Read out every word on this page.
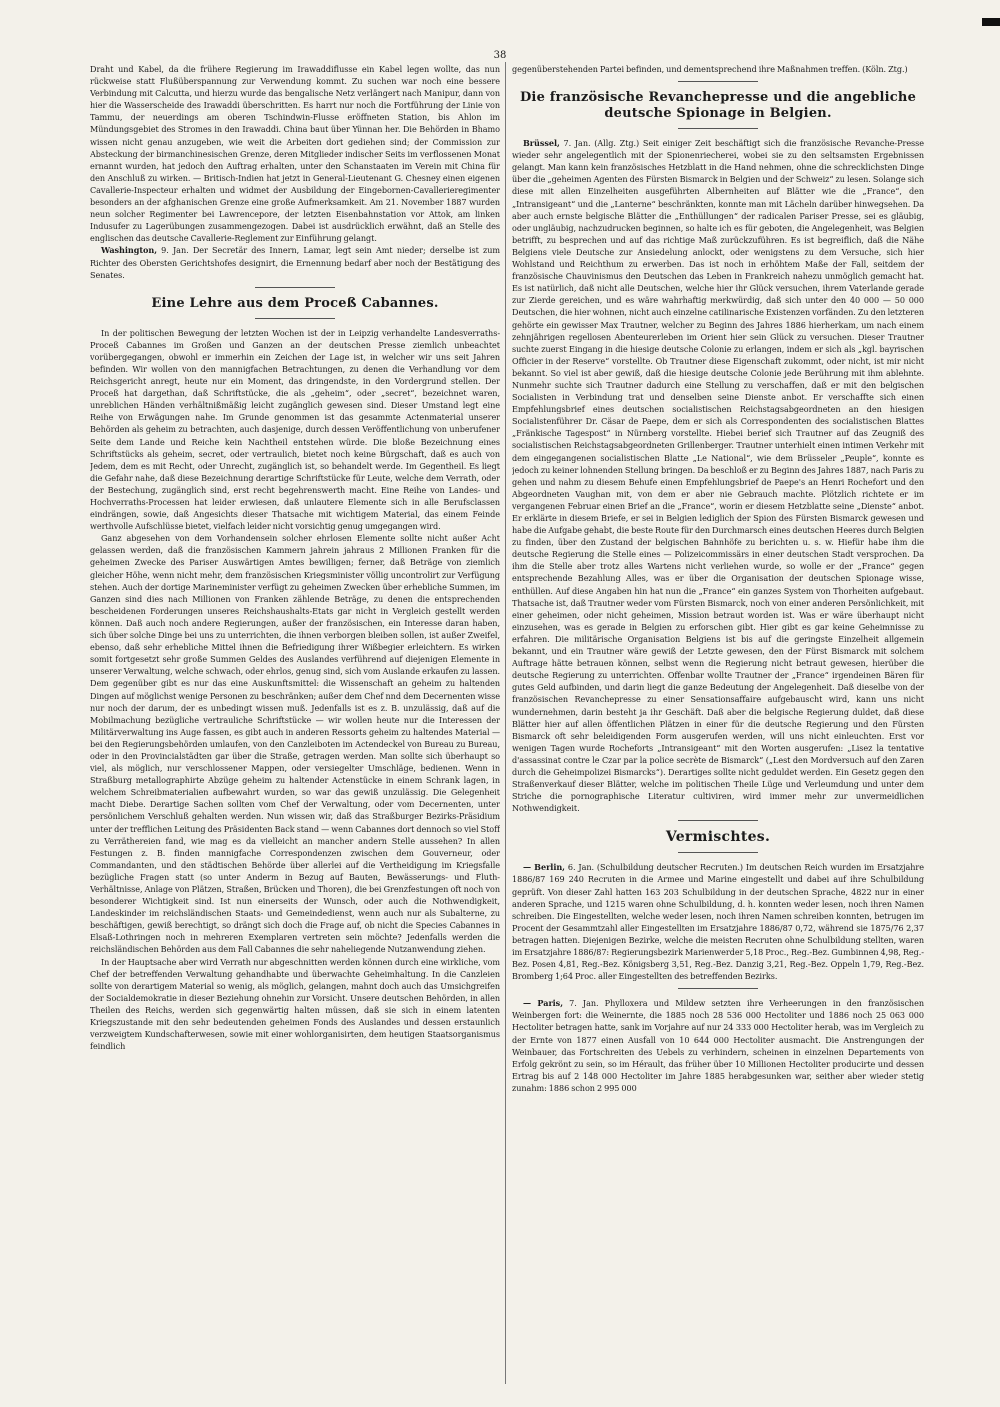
38

Draht und Kabel, da die frühere Regierung im Irawaddiflusse ein Kabel legen wollte, das nun rückweise statt Flußüberspannung zur Verwendung kommt. Zu suchen war noch eine bessere Verbindung mit Calcutta, und hierzu wurde das bengalische Netz verlängert nach Manipur, dann von hier die Wasserscheide des Irawaddi überschritten. Es harrt nur noch die Fortführung der Linie von Tammu, der neuerdings am oberen Tschindwin-Flusse eröffneten Station, bis Ahlon im Mündungsgebiet des Stromes in den Irawaddi. China baut über Yünnan her. Die Behörden in Bhamo wissen nicht genau anzugeben, wie weit die Arbeiten dort gediehen sind; der Commission zur Absteckung der birmanchinesischen Grenze, deren Mitglieder indischer Seits im verflossenen Monat ernannt wurden, hat jedoch den Auftrag erhalten, unter den Schanstaaten im Verein mit China für den Anschluß zu wirken. — Britisch-Indien hat jetzt in General-Lieutenant G. Chesney einen eigenen Cavallerie-Inspecteur erhalten und widmet der Ausbildung der Eingebornen-Cavallerieregimenter besonders an der afghanischen Grenze eine große Aufmerksamkeit. Am 21. November 1887 wurden neun solcher Regimenter bei Lawrencepore, der letzten Eisenbahnstation vor Attok, am linken Indusufer zu Lagerübungen zusammengezogen. Dabei ist ausdrücklich erwähnt, daß an Stelle des englischen das deutsche Cavallerie-Reglement zur Einführung gelangt.

Washington, 9. Jan. Der Secretär des Innern, Lamar, legt sein Amt nieder; derselbe ist zum Richter des Obersten Gerichtshofes designirt, die Ernennung bedarf aber noch der Bestätigung des Senates.

Eine Lehre aus dem Proceß Cabannes.

In der politischen Bewegung der letzten Wochen ist der in Leipzig verhandelte Landesverraths-Proceß Cabannes im Großen und Ganzen an der deutschen Presse ziemlich unbeachtet vorübergegangen, obwohl er immerhin ein Zeichen der Lage ist, in welcher wir uns seit Jahren befinden. Wir wollen von den mannigfachen Betrachtungen, zu denen die Verhandlung vor dem Reichsgericht anregt, heute nur ein Moment, das dringendste, in den Vordergrund stellen. Der Proceß hat dargethan, daß Schriftstücke, die als „geheim“, oder „secret“, bezeichnet waren, unreblichen Händen verhältnißmäßig leicht zugänglich gewesen sind. Dieser Umstand legt eine Reihe von Erwägungen nahe. Im Grunde genommen ist das gesammte Actenmaterial unserer Behörden als geheim zu betrachten, auch dasjenige, durch dessen Veröffentlichung von unberufener Seite dem Lande und Reiche kein Nachtheil entstehen würde. Die bloße Bezeichnung eines Schriftstücks als geheim, secret, oder vertraulich, bietet noch keine Bürgschaft, daß es auch von Jedem, dem es mit Recht, oder Unrecht, zugänglich ist, so behandelt werde. Im Gegentheil. Es liegt die Gefahr nahe, daß diese Bezeichnung derartige Schriftstücke für Leute, welche dem Verrath, oder der Bestechung, zugänglich sind, erst recht begehrenswerth macht. Eine Reihe von Landes- und Hochverraths-Processen hat leider erwiesen, daß unlautere Elemente sich in alle Berufsclassen eindrängen, sowie, daß Angesichts dieser Thatsache mit wichtigem Material, das einem Feinde werthvolle Aufschlüsse bietet, vielfach leider nicht vorsichtig genug umgegangen wird.

Ganz abgesehen von dem Vorhandensein solcher ehrlosen Elemente sollte nicht außer Acht gelassen werden, daß die französischen Kammern jahrein jahraus 2 Millionen Franken für die geheimen Zwecke des Pariser Auswärtigen Amtes bewilligen; ferner, daß Beträge von ziemlich gleicher Höhe, wenn nicht mehr, dem französischen Kriegsminister völlig uncontrolirt zur Verfügung stehen. Auch der dortige Marineminister verfügt zu geheimen Zwecken über erhebliche Summen, im Ganzen sind dies nach Millionen von Franken zählende Beträge, zu denen die entsprechenden bescheidenen Forderungen unseres Reichshaushalts-Etats gar nicht in Vergleich gestellt werden können. Daß auch noch andere Regierungen, außer der französischen, ein Interesse daran haben, sich über solche Dinge bei uns zu unterrichten, die ihnen verborgen bleiben sollen, ist außer Zweifel, ebenso, daß sehr erhebliche Mittel ihnen die Befriedigung ihrer Wißbegier erleichtern. Es wirken somit fortgesetzt sehr große Summen Geldes des Auslandes verführend auf diejenigen Elemente in unserer Verwaltung, welche schwach, oder ehrlos, genug sind, sich vom Auslande erkaufen zu lassen. Dem gegenüber gibt es nur das eine Auskunftsmittel: die Wissenschaft an geheim zu haltenden Dingen auf möglichst wenige Personen zu beschränken; außer dem Chef nnd dem Decernenten wisse nur noch der darum, der es unbedingt wissen muß. Jedenfalls ist es z. B. unzulässig, daß auf die Mobilmachung bezügliche vertrauliche Schriftstücke — wir wollen heute nur die Interessen der Militärverwaltung ins Auge fassen, es gibt auch in anderen Ressorts geheim zu haltendes Material — bei den Regierungsbehörden umlaufen, von den Canzleiboten im Actendeckel von Bureau zu Bureau, oder in den Provincialstädten gar über die Straße, getragen werden. Man sollte sich überhaupt so viel, als möglich, nur verschlossener Mappen, oder versiegelter Umschläge, bedienen. Wenn in Straßburg metallographirte Abzüge geheim zu haltender Actenstücke in einem Schrank lagen, in welchem Schreibmaterialien aufbewahrt wurden, so war das gewiß unzulässig. Die Gelegenheit macht Diebe. Derartige Sachen sollten vom Chef der Verwaltung, oder vom Decernenten, unter persönlichem Verschluß gehalten werden. Nun wissen wir, daß das Straßburger Bezirks-Präsidium unter der trefflichen Leitung des Präsidenten Back stand — wenn Cabannes dort dennoch so viel Stoff zu Verräthereien fand, wie mag es da vielleicht an mancher andern Stelle aussehen? In allen Festungen z. B. finden mannigfache Correspondenzen zwischen dem Gouverneur, oder Commandanten, und den städtischen Behörde über allerlei auf die Vertheidigung im Kriegsfalle bezügliche Fragen statt (so unter Anderm in Bezug auf Bauten, Bewässerungs- und Fluth-Verhältnisse, Anlage von Plätzen, Straßen, Brücken und Thoren), die bei Grenzfestungen oft noch von besonderer Wichtigkeit sind. Ist nun einerseits der Wunsch, oder auch die Nothwendigkeit, Landeskinder im reichsländischen Staats- und Gemeindedienst, wenn auch nur als Subalterne, zu beschäftigen, gewiß berechtigt, so drängt sich doch die Frage auf, ob nicht die Species Cabannes in Elsaß-Lothringen noch in mehreren Exemplaren vertreten sein möchte? Jedenfalls werden die reichsländischen Behörden aus dem Fall Cabannes die sehr naheliegende Nutzanwendung ziehen.

In der Hauptsache aber wird Verrath nur abgeschnitten werden können durch eine wirkliche, vom Chef der betreffenden Verwaltung gehandhabte und überwachte Geheimhaltung. In die Canzleien sollte von derartigem Material so wenig, als möglich, gelangen, mahnt doch auch das Umsichgreifen der Socialdemokratie in dieser Beziehung ohnehin zur Vorsicht. Unsere deutschen Behörden, in allen Theilen des Reichs, werden sich gegenwärtig halten müssen, daß sie sich in einem latenten Kriegszustande mit den sehr bedeutenden geheimen Fonds des Auslandes und dessen erstaunlich verzweigtem Kundschafterwesen, sowie mit einer wohlorganisirten, dem heutigen Staatsorganismus feindlich

gegenüberstehenden Partei befinden, und dementsprechend ihre Maßnahmen treffen. (Köln. Ztg.)

Die französische Revanchepresse und die angebliche deutsche Spionage in Belgien.

Brüssel, 7. Jan. (Allg. Ztg.) Seit einiger Zeit beschäftigt sich die französische Revanche-Presse wieder sehr angelegentlich mit der Spionenriecherei, wobei sie zu den seltsamsten Ergebnissen gelangt. Man kann kein französisches Hetzblatt in die Hand nehmen, ohne die schrecklichsten Dinge über die „geheimen Agenten des Fürsten Bismarck in Belgien und der Schweiz“ zu lesen. Solange sich diese mit allen Einzelheiten ausgeführten Albernheiten auf Blätter wie die „France“, den „Intransigeant“ und die „Lanterne“ beschränkten, konnte man mit Lächeln darüber hinwegsehen. Da aber auch ernste belgische Blätter die „Enthüllungen“ der radicalen Pariser Presse, sei es gläubig, oder ungläubig, nachzudrucken beginnen, so halte ich es für geboten, die Angelegenheit, was Belgien betrifft, zu besprechen und auf das richtige Maß zurückzuführen. Es ist begreiflich, daß die Nähe Belgiens viele Deutsche zur Ansiedelung anlockt, oder wenigstens zu dem Versuche, sich hier Wohlstand und Reichthum zu erwerben. Das ist noch in erhöhtem Maße der Fall, seitdem der französische Chauvinismus den Deutschen das Leben in Frankreich nahezu unmöglich gemacht hat. Es ist natürlich, daß nicht alle Deutschen, welche hier ihr Glück versuchen, ihrem Vaterlande gerade zur Zierde gereichen, und es wäre wahrhaftig merkwürdig, daß sich unter den 40 000 — 50 000 Deutschen, die hier wohnen, nicht auch einzelne catilinarische Existenzen vorfänden. Zu den letzteren gehörte ein gewisser Max Trautner, welcher zu Beginn des Jahres 1886 hierherkam, um nach einem zehnjährigen regellosen Abenteurerleben im Orient hier sein Glück zu versuchen. Dieser Trautner suchte zuerst Eingang in die hiesige deutsche Colonie zu erlangen, indem er sich als „kgl. bayrischen Officier in der Reserve“ vorstellte. Ob Trautner diese Eigenschaft zukommt, oder nicht, ist mir nicht bekannt. So viel ist aber gewiß, daß die hiesige deutsche Colonie jede Berührung mit ihm ablehnte. Nunmehr suchte sich Trautner dadurch eine Stellung zu verschaffen, daß er mit den belgischen Socialisten in Verbindung trat und denselben seine Dienste anbot. Er verschaffte sich einen Empfehlungsbrief eines deutschen socialistischen Reichstagsabgeordneten an den hiesigen Socialistenführer Dr. Cäsar de Paepe, dem er sich als Correspondenten des socialistischen Blattes „Fränkische Tagespost“ in Nürnberg vorstellte. Hiebei berief sich Trautner auf das Zeugniß des socialistischen Reichstagsabgeordneten Grillenberger. Trautner unterhielt einen intimen Verkehr mit dem eingegangenen socialistischen Blatte „Le National“, wie dem Brüsseler „Peuple“, konnte es jedoch zu keiner lohnenden Stellung bringen. Da beschloß er zu Beginn des Jahres 1887, nach Paris zu gehen und nahm zu diesem Behufe einen Empfehlungsbrief de Paepe's an Henri Rochefort und den Abgeordneten Vaughan mit, von dem er aber nie Gebrauch machte. Plötzlich richtete er im vergangenen Februar einen Brief an die „France“, worin er diesem Hetzblatte seine „Dienste“ anbot. Er erklärte in diesem Briefe, er sei in Belgien lediglich der Spion des Fürsten Bismarck gewesen und habe die Aufgabe gehabt, die beste Route für den Durchmarsch eines deutschen Heeres durch Belgien zu finden, über den Zustand der belgischen Bahnhöfe zu berichten u. s. w. Hiefür habe ihm die deutsche Regierung die Stelle eines — Polizeicommissärs in einer deutschen Stadt versprochen. Da ihm die Stelle aber trotz alles Wartens nicht verliehen wurde, so wolle er der „France“ gegen entsprechende Bezahlung Alles, was er über die Organisation der deutschen Spionage wisse, enthüllen. Auf diese Angaben hin hat nun die „France“ ein ganzes System von Thorheiten aufgebaut. Thatsache ist, daß Trautner weder vom Fürsten Bismarck, noch von einer anderen Persönlichkeit, mit einer geheimen, oder nicht geheimen, Mission betraut worden ist. Was er wäre überhaupt nicht einzusehen, was es gerade in Belgien zu erforschen gibt. Hier gibt es gar keine Geheimnisse zu erfahren. Die militärische Organisation Belgiens ist bis auf die geringste Einzelheit allgemein bekannt, und ein Trautner wäre gewiß der Letzte gewesen, den der Fürst Bismarck mit solchem Auftrage hätte betrauen können, selbst wenn die Regierung nicht betraut gewesen, hierüber die deutsche Regierung zu unterrichten. Offenbar wollte Trautner der „France“ irgendeinen Bären für gutes Geld aufbinden, und darin liegt die ganze Bedeutung der Angelegenheit. Daß dieselbe von der französischen Revanchepresse zu einer Sensationsaffaire aufgebauscht wird, kann uns nicht wundernehmen, darin besteht ja ihr Geschäft. Daß aber die belgische Regierung duldet, daß diese Blätter hier auf allen öffentlichen Plätzen in einer für die deutsche Regierung und den Fürsten Bismarck oft sehr beleidigenden Form ausgerufen werden, will uns nicht einleuchten. Erst vor wenigen Tagen wurde Rocheforts „Intransigeant“ mit den Worten ausgerufen: „Lisez la tentative d'assassinat contre le Czar par la police secrète de Bismarck“ („Lest den Mordversuch auf den Zaren durch die Geheimpolizei Bismarcks“). Derartiges sollte nicht geduldet werden. Ein Gesetz gegen den Straßenverkauf dieser Blätter, welche im politischen Theile Lüge und Verleumdung und unter dem Striche die pornographische Literatur cultiviren, wird immer mehr zur unvermeidlichen Nothwendigkeit.

Vermischtes.

— Berlin, 6. Jan. (Schulbildung deutscher Recruten.) Im deutschen Reich wurden im Ersatzjahre 1886/87 169 240 Recruten in die Armee und Marine eingestellt und dabei auf ihre Schulbildung geprüft. Von dieser Zahl hatten 163 203 Schulbildung in der deutschen Sprache, 4822 nur in einer anderen Sprache, und 1215 waren ohne Schulbildung, d. h. konnten weder lesen, noch ihren Namen schreiben. Die Eingestellten, welche weder lesen, noch ihren Namen schreiben konnten, betrugen im Procent der Gesammtzahl aller Eingestellten im Ersatzjahre 1886/87 0,72, während sie 1875/76 2,37 betragen hatten. Diejenigen Bezirke, welche die meisten Recruten ohne Schulbildung stellten, waren im Ersatzjahre 1886/87: Regierungsbezirk Marienwerder 5,18 Proc., Reg.-Bez. Gumbinnen 4,98, Reg.-Bez. Posen 4,81, Reg.-Bez. Königsberg 3,51, Reg.-Bez. Danzig 3,21, Reg.-Bez. Oppeln 1,79, Reg.-Bez. Bromberg 1;64 Proc. aller Eingestellten des betreffenden Bezirks.

— Paris, 7. Jan. Phylloxera und Mildew setzten ihre Verheerungen in den französischen Weinbergen fort: die Weinernte, die 1885 noch 28 536 000 Hectoliter und 1886 noch 25 063 000 Hectoliter betragen hatte, sank im Vorjahre auf nur 24 333 000 Hectoliter herab, was im Vergleich zu der Ernte von 1877 einen Ausfall von 10 644 000 Hectoliter ausmacht. Die Anstrengungen der Weinbauer, das Fortschreiten des Uebels zu verhindern, scheinen in einzelnen Departements von Erfolg gekrönt zu sein, so im Hérault, das früher über 10 Millionen Hectoliter producirte und dessen Ertrag bis auf 2 148 000 Hectoliter im Jahre 1885 herabgesunken war, seither aber wieder stetig zunahm: 1886 schon 2 995 000
